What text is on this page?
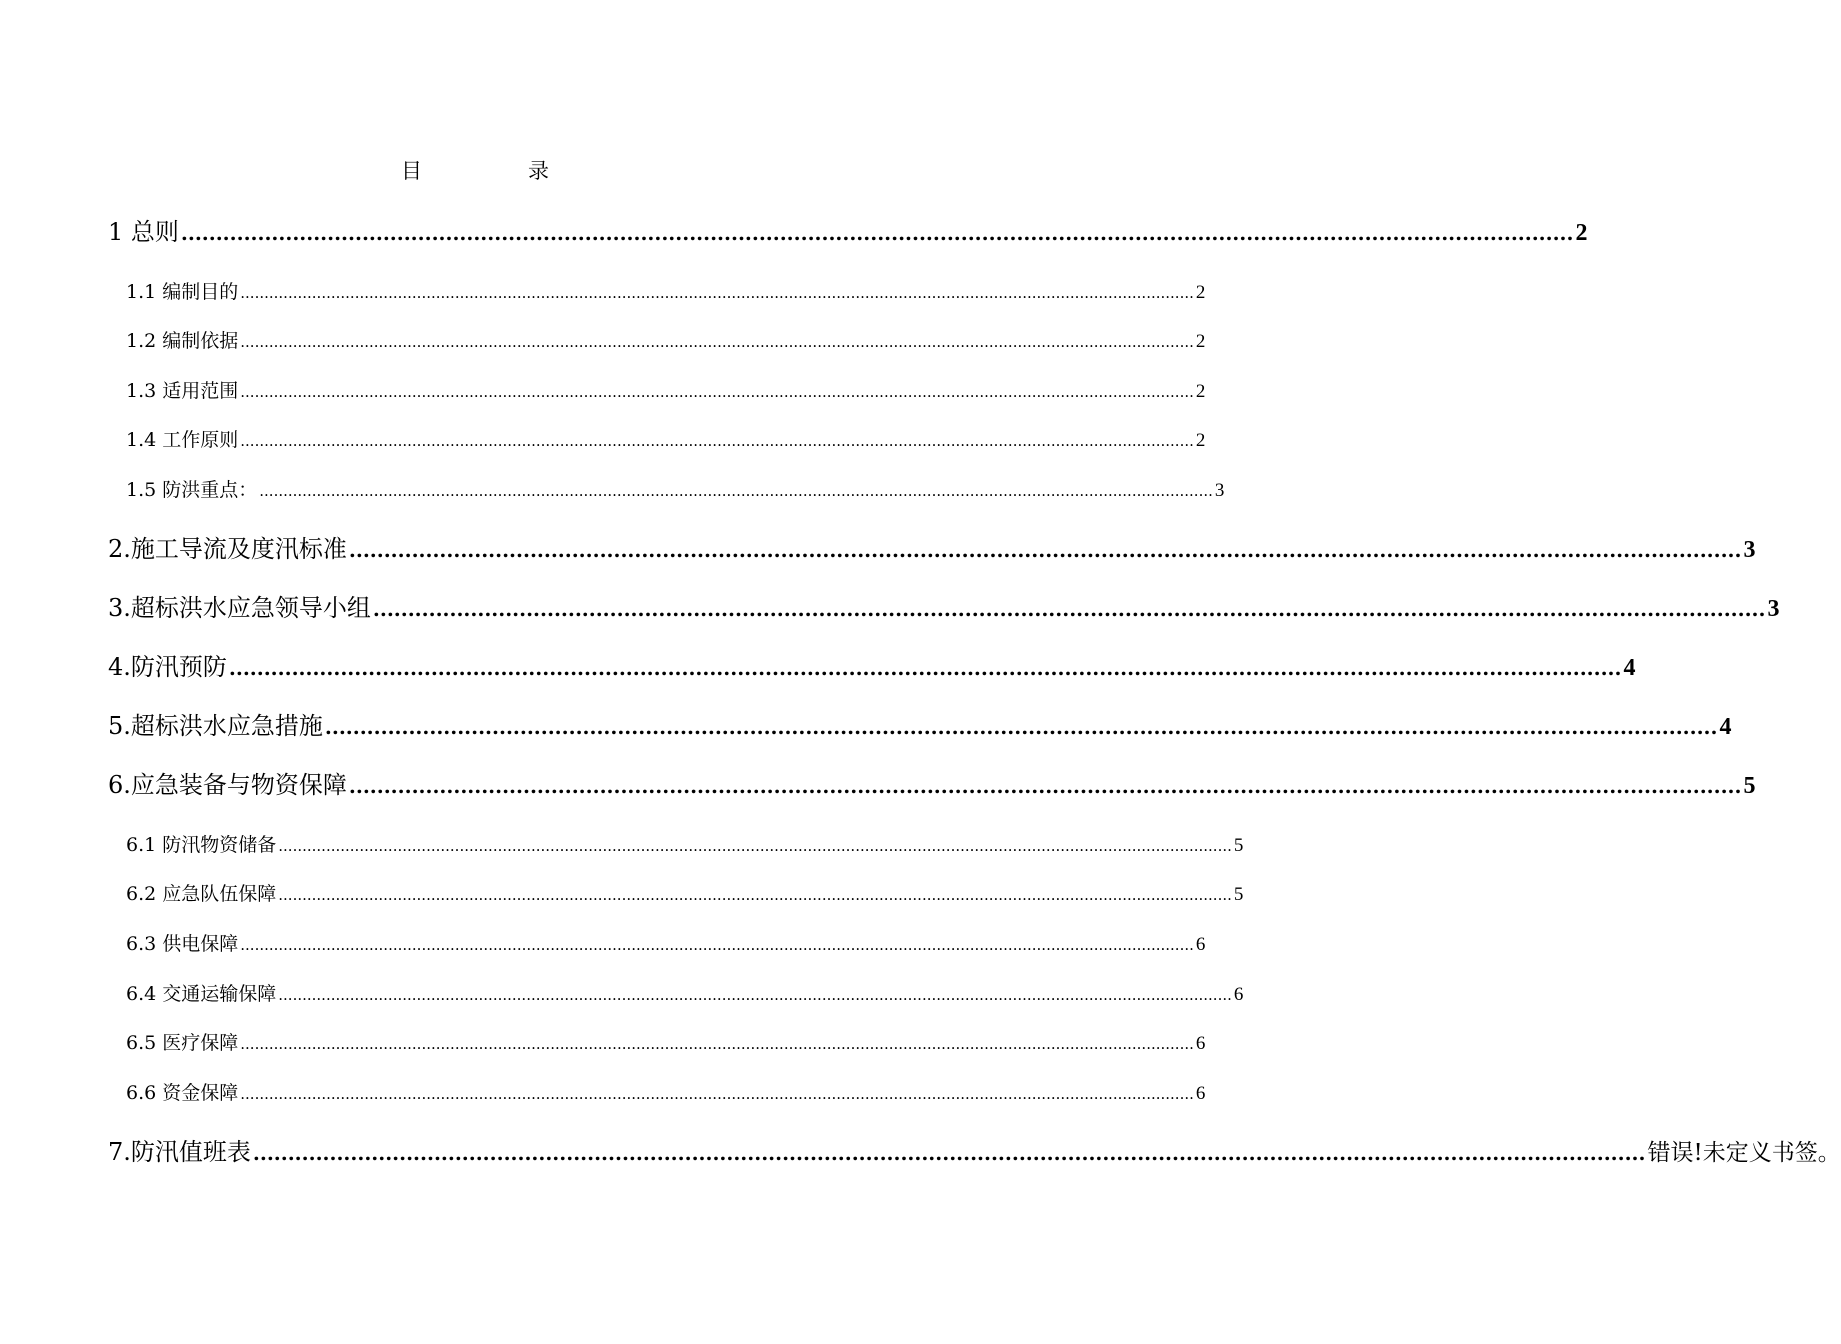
目	录
1 总则 ........................................................................................................................................................................................................ 2
1.1 编制目的 ........................................................................................................................................................................................................ 2
1.2 编制依据 ........................................................................................................................................................................................................ 2
1.3 适用范围 ........................................................................................................................................................................................................ 2
1.4 工作原则 ........................................................................................................................................................................................................ 2
1.5 防洪重点： ........................................................................................................................................................................................................ 3
2.施工导流及度汛标准 ........................................................................................................................................................................................................ 3
3.超标洪水应急领导小组 ........................................................................................................................................................................................................ 3
4.防汛预防 ........................................................................................................................................................................................................ 4
5.超标洪水应急措施 ........................................................................................................................................................................................................ 4
6.应急装备与物资保障 ........................................................................................................................................................................................................ 5
6.1 防汛物资储备 ........................................................................................................................................................................................................ 5
6.2 应急队伍保障 ........................................................................................................................................................................................................ 5
6.3 供电保障 ........................................................................................................................................................................................................ 6
6.4 交通运输保障 ........................................................................................................................................................................................................ 6
6.5 医疗保障 ........................................................................................................................................................................................................ 6
6.6 资金保障 ........................................................................................................................................................................................................ 6
7.防汛值班表 ........................................................................................................................................................................................................ 错误!未定义书签。
